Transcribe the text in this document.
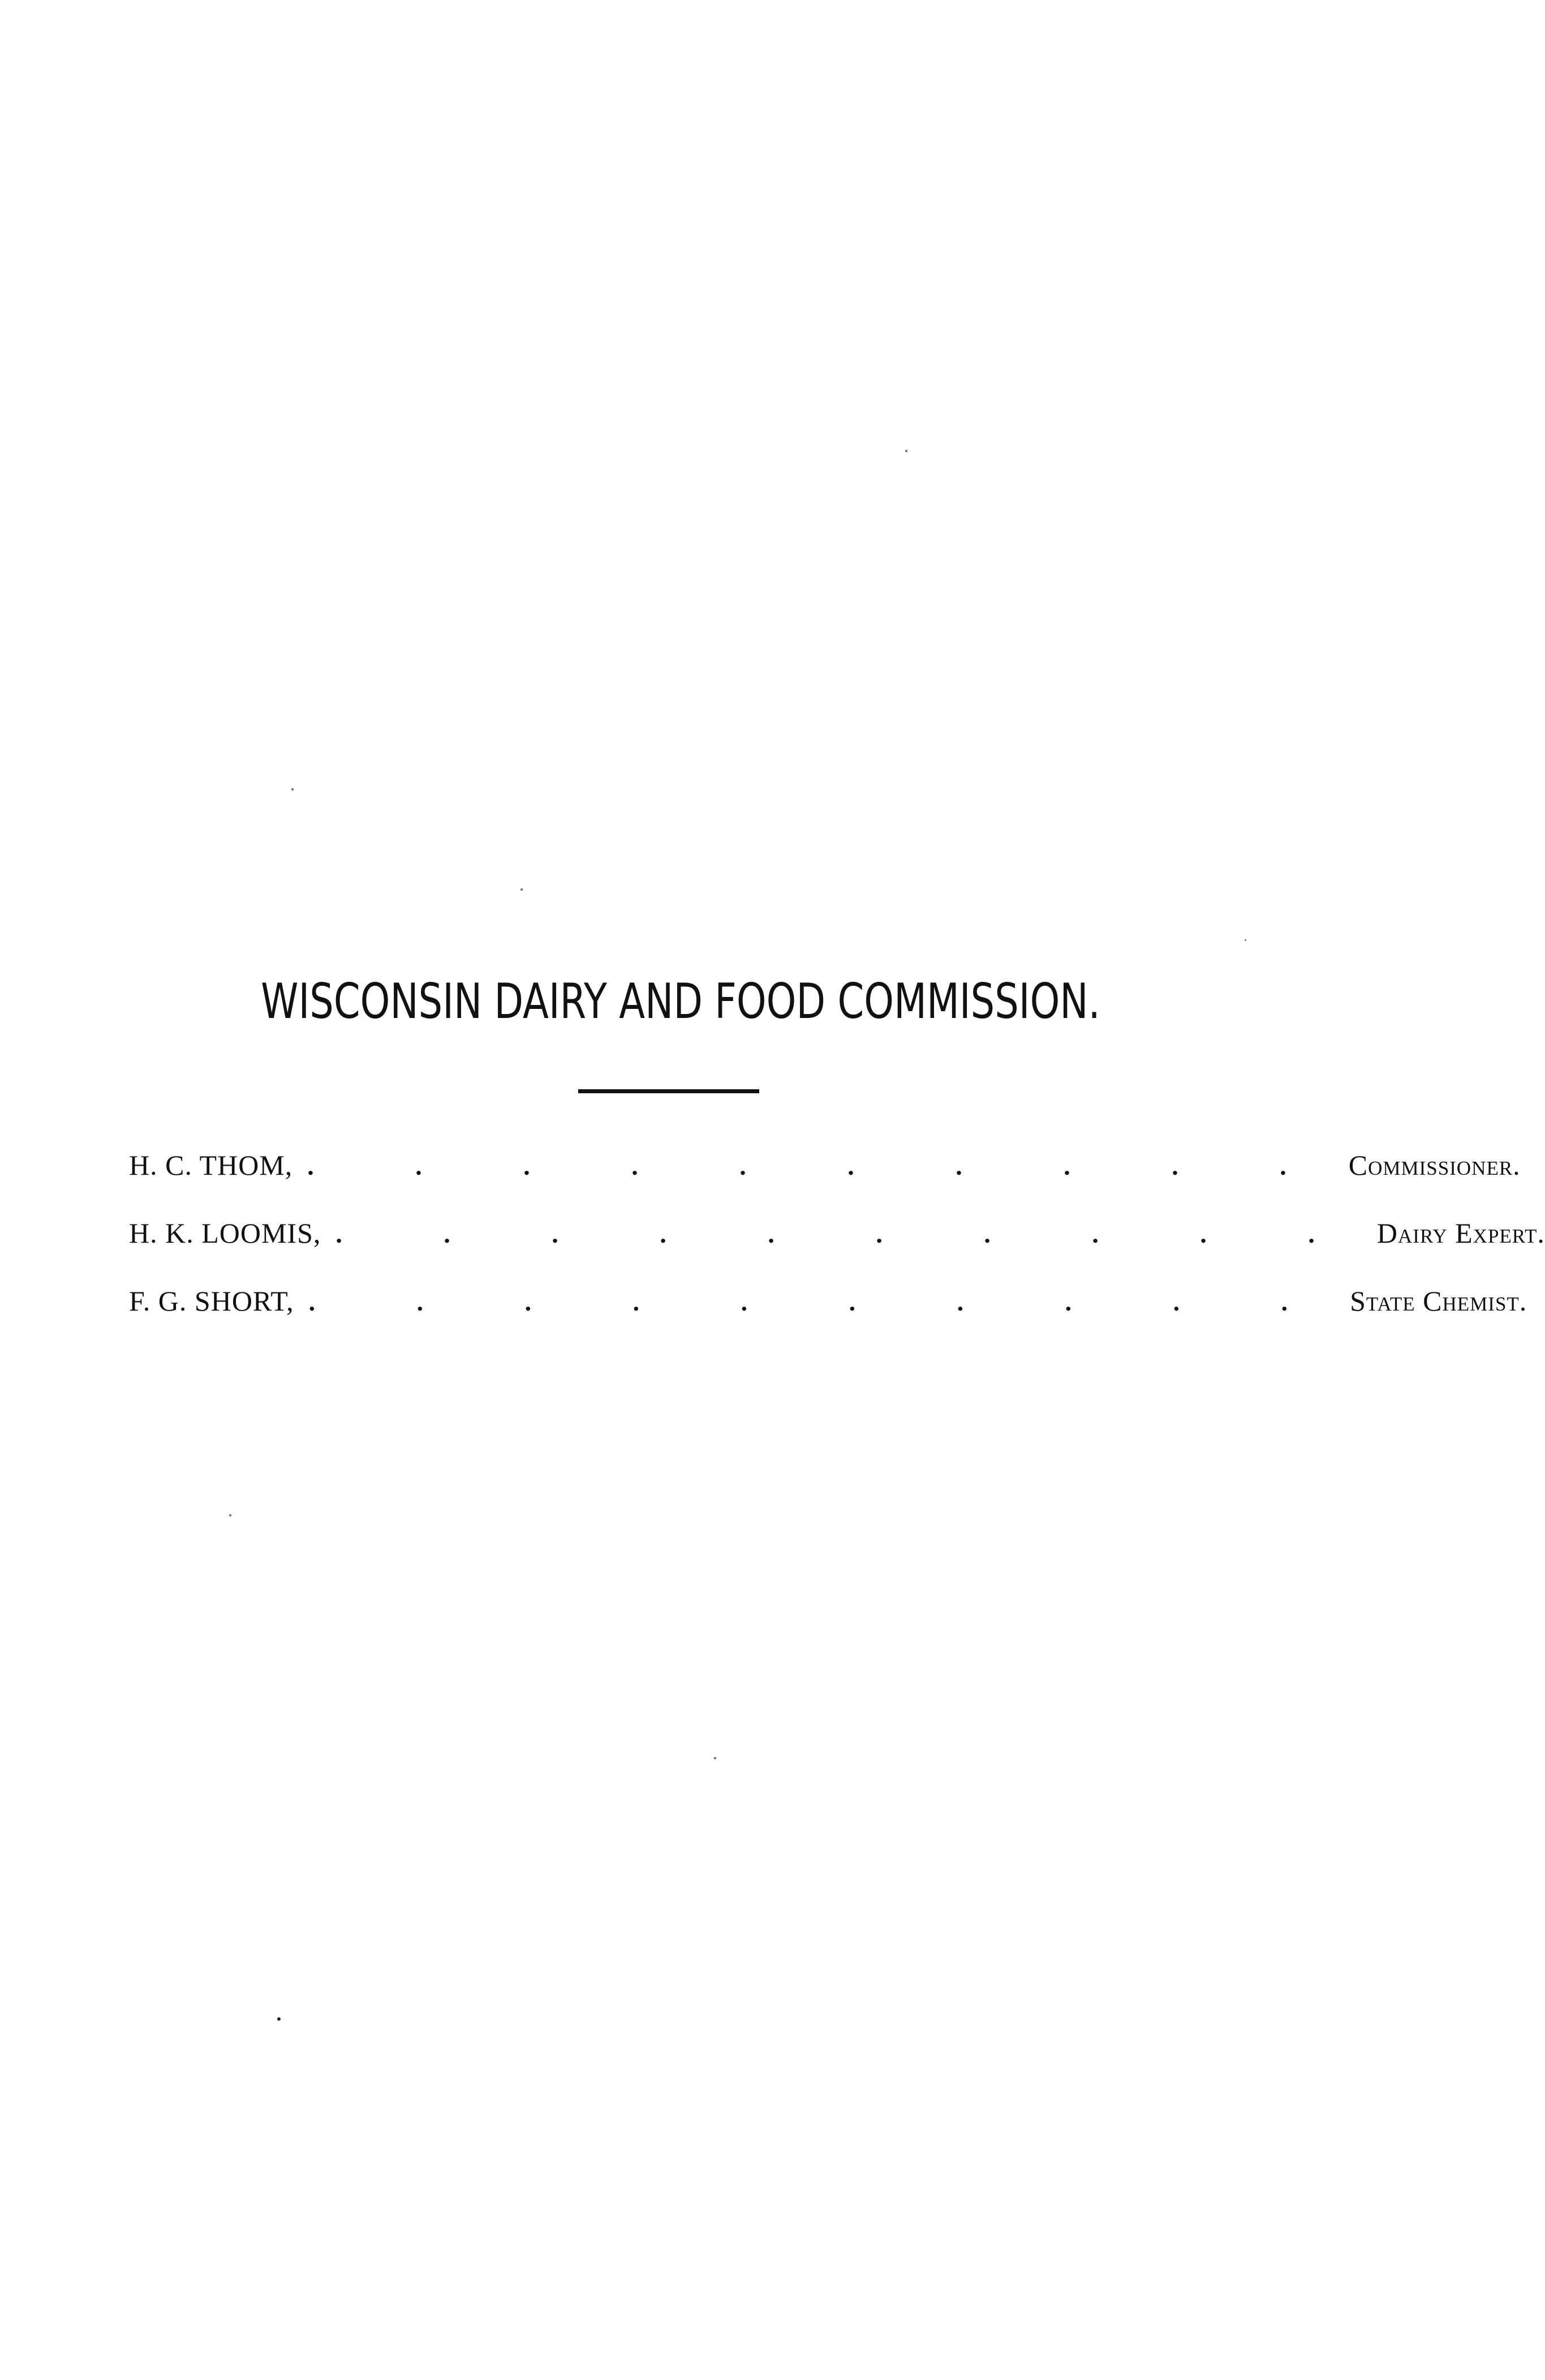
WISCONSIN DAIRY AND FOOD COMMISSION.
H. C. THOM, . . . . . . . . . . Commissioner.
H. K. LOOMIS, . . . . . . . . . . Dairy Expert.
F. G. SHORT, . . . . . . . . . . State Chemist.
